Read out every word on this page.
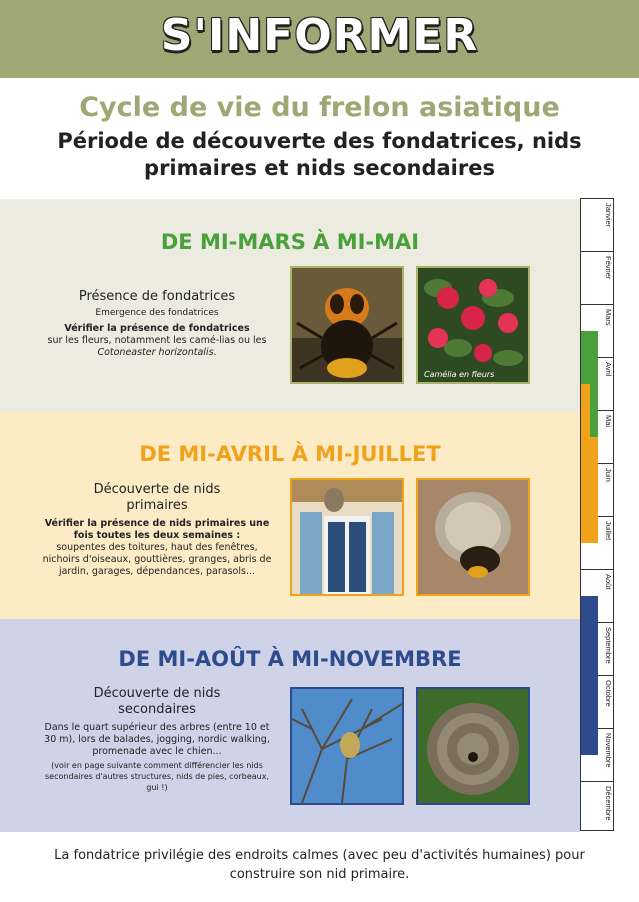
S'INFORMER
Cycle de vie du frelon asiatique
Période de découverte des fondatrices, nids primaires et nids secondaires
DE MI-MARS À MI-MAI
Présence de fondatrices
Emergence des fondatrices
Vérifier la présence de fondatrices
sur les fleurs, notamment les camé-lias ou les Cotoneaster horizontalis.
Camélia en fleurs
DE MI-AVRIL À MI-JUILLET
Découverte de nids primaires
Vérifier la présence de nids primaires une fois toutes les deux semaines :
soupentes des toitures, haut des fenêtres, nichoirs d'oiseaux, gouttières, granges, abris de jardin, garages, dépendances, parasols...
DE MI-AOÛT À MI-NOVEMBRE
Découverte de nids secondaires
Dans le quart supérieur des arbres (entre 10 et 30 m), lors de balades, jogging, nordic walking, promenade avec le chien...
(voir en page suivante comment différencier les nids secondaires d'autres structures, nids de pies, corbeaux, gui !)
Janvier
Février
Mars
Avril
Mai
Juin
Juillet
Août
Septembre
Octobre
Novembre
Décembre
La fondatrice privilégie des endroits calmes (avec peu d'activités humaines) pour construire son nid primaire.
